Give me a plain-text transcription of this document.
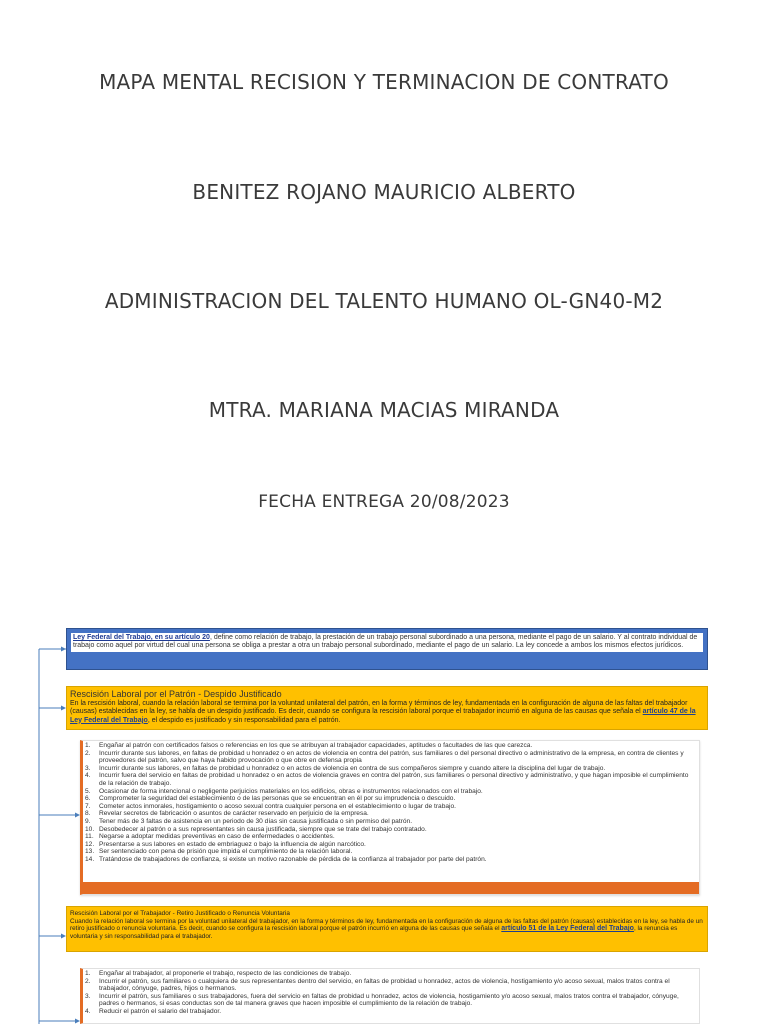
MAPA MENTAL RECISION Y TERMINACION DE CONTRATO
BENITEZ ROJANO MAURICIO ALBERTO
ADMINISTRACION DEL TALENTO HUMANO OL-GN40-M2
MTRA. MARIANA MACIAS MIRANDA
FECHA ENTREGA 20/08/2023
Ley Federal del Trabajo, en su artículo 20, define como relación de trabajo, la prestación de un trabajo personal subordinado a una persona, mediante el pago de un salario. Y al contrato individual de trabajo como aquel por virtud del cual una persona se obliga a prestar a otra un trabajo personal subordinado, mediante el pago de un salario. La ley concede a ambos los mismos efectos jurídicos.
Rescisión Laboral por el Patrón - Despido Justificado
En la rescisión laboral, cuando la relación laboral se termina por la voluntad unilateral del patrón, en la forma y términos de ley, fundamentada en la configuración de alguna de las faltas del trabajador (causas) establecidas en la ley, se habla de un despido justificado. Es decir, cuando se configura la rescisión laboral porque el trabajador incurrió en alguna de las causas que señala el artículo 47 de la Ley Federal del Trabajo, el despido es justificado y sin responsabilidad para el patrón.
1.	Engañar al patrón con certificados falsos o referencias en los que se atribuyan al trabajador capacidades, aptitudes o facultades de las que carezca.
2.	Incurrir durante sus labores, en faltas de probidad u honradez o en actos de violencia en contra del patrón, sus familiares o del personal directivo o administrativo de la empresa, en contra de clientes y proveedores del patrón, salvo que haya habido provocación o que obre en defensa propia
3.	Incurrir durante sus labores, en faltas de probidad u honradez o en actos de violencia en contra de sus compañeros siempre y cuando altere la disciplina del lugar de trabajo.
4.	Incurrir fuera del servicio en faltas de probidad u honradez o en actos de violencia graves en contra del patrón, sus familiares o personal directivo y administrativo, y que hagan imposible el cumplimiento de la relación de trabajo.
5.	Ocasionar de forma intencional o negligente perjuicios materiales en los edificios, obras e instrumentos relacionados con el trabajo.
6.	Comprometer la seguridad del establecimiento o de las personas que se encuentran en él por su imprudencia o descuido.
7.	Cometer actos inmorales, hostigamiento o acoso sexual contra cualquier persona en el establecimiento o lugar de trabajo.
8.	Revelar secretos de fabricación o asuntos de carácter reservado en perjuicio de la empresa.
9.	Tener más de 3 faltas de asistencia en un periodo de 30 días sin causa justificada o sin permiso del patrón.
10. Desobedecer al patrón o a sus representantes sin causa justificada, siempre que se trate del trabajo contratado.
11. Negarse a adoptar medidas preventivas en caso de enfermedades o accidentes.
12. Presentarse a sus labores en estado de embriaguez o bajo la influencia de algún narcótico.
13. Ser sentenciado con pena de prisión que impida el cumplimiento de la relación laboral.
14. Tratándose de trabajadores de confianza, si existe un motivo razonable de pérdida de la confianza al trabajador por parte del patrón.
Rescisión Laboral por el Trabajador - Retiro Justificado o Renuncia Voluntaria
Cuando la relación laboral se termina por la voluntad unilateral del trabajador, en la forma y términos de ley, fundamentada en la configuración de alguna de las faltas del patrón (causas) establecidas en la ley, se habla de un retiro justificado o renuncia voluntaria. Es decir, cuando se configura la rescisión laboral porque el patrón incurrió en alguna de las causas que señala el artículo 51 de la Ley Federal del Trabajo, la renuncia es voluntaria y sin responsabilidad para el trabajador.
1.	Engañar al trabajador, al proponerle el trabajo, respecto de las condiciones de trabajo.
2.	Incurrir el patrón, sus familiares o cualquiera de sus representantes dentro del servicio, en faltas de probidad u honradez, actos de violencia, hostigamiento y/o acoso sexual, malos tratos contra el trabajador, cónyuge, padres, hijos o hermanos.
3.	Incurrir el patrón, sus familiares o sus trabajadores, fuera del servicio en faltas de probidad u honradez, actos de violencia, hostigamiento y/o acoso sexual, malos tratos contra el trabajador, cónyuge, padres o hermanos, si esas conductas son de tal manera graves que hacen imposible el cumplimiento de la relación de trabajo.
4.	Reducir el patrón el salario del trabajador.
